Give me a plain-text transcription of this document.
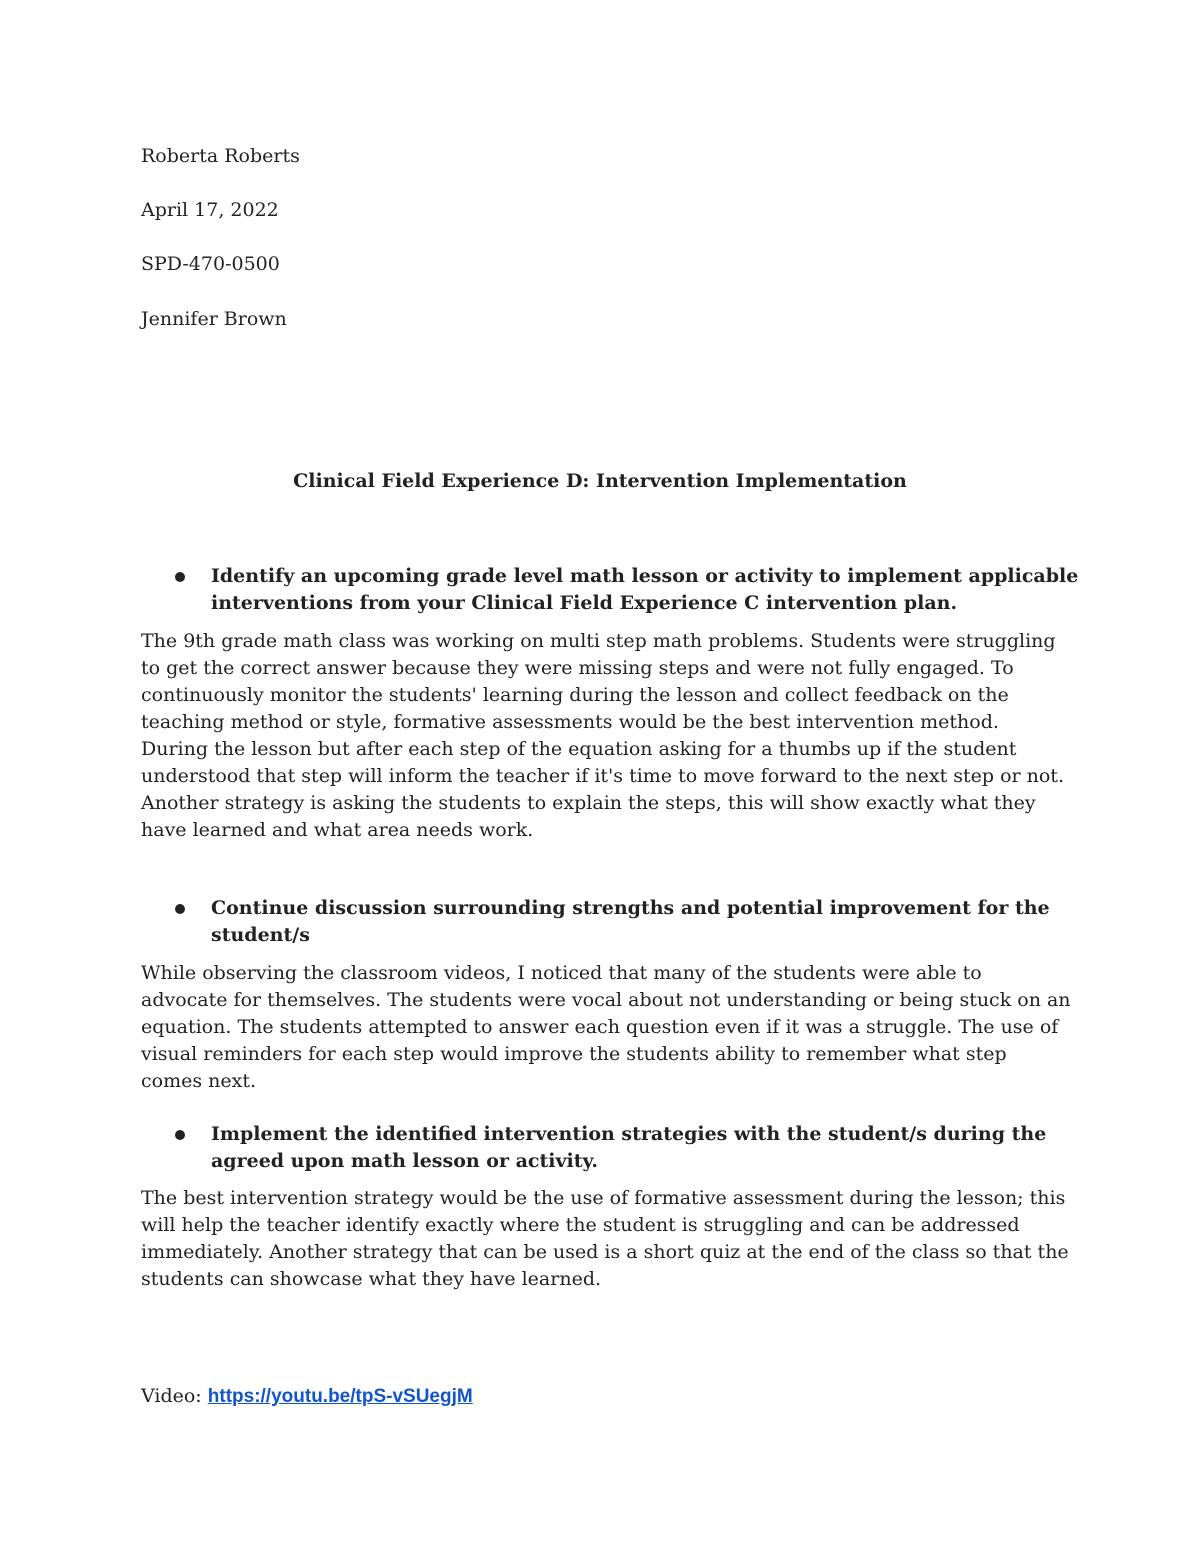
Roberta Roberts
April 17, 2022
SPD-470-0500
Jennifer Brown
Clinical Field Experience D: Intervention Implementation
Identify an upcoming grade level math lesson or activity to implement applicable interventions from your Clinical Field Experience C intervention plan.
The 9th grade math class was working on multi step math problems. Students were struggling to get the correct answer because they were missing steps and were not fully engaged. To continuously monitor the students' learning during the lesson and collect feedback on the teaching method or style, formative assessments would be the best intervention method. During the lesson but after each step of the equation asking for a thumbs up if the student understood that step will inform the teacher if it's time to move forward to the next step or not. Another strategy is asking the students to explain the steps, this will show exactly what they have learned and what area needs work.
Continue discussion surrounding strengths and potential improvement for the student/s
While observing the classroom videos, I noticed that many of the students were able to advocate for themselves. The students were vocal about not understanding or being stuck on an equation. The students attempted to answer each question even if it was a struggle. The use of visual reminders for each step would improve the students ability to remember what step comes next.
Implement the identified intervention strategies with the student/s during the agreed upon math lesson or activity.
The best intervention strategy would be the use of formative assessment during the lesson; this will help the teacher identify exactly where the student is struggling and can be addressed immediately. Another strategy that can be used is a short quiz at the end of the class so that the students can showcase what they have learned.
Video: https://youtu.be/tpS-vSUegjM
